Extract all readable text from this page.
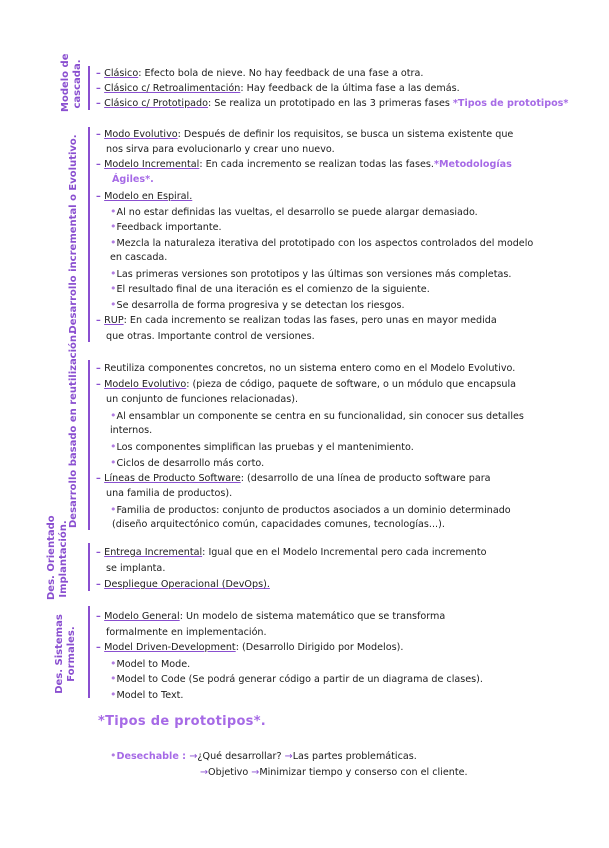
Modelo de cascada. – Clásico: Efecto bola de nieve. No hay feedback de una fase a otra.
– Clásico c/ Retroalimentación: Hay feedback de la última fase a las demás.
– Clásico c/ Prototipado: Se realiza un prototipado en las 3 primeras fases *Tipos de prototipos*
Desarrollo incremental o Evolutivo. – Modo Evolutivo: Después de definir los requisitos, se busca un sistema existente que
nos sirva para evolucionarlo y crear uno nuevo.
– Modelo Incremental: En cada incremento se realizan todas las fases.*Metodologías
Ágiles*.
– Modelo en Espiral.
•Al no estar definidas las vueltas, el desarrollo se puede alargar demasiado.
•Feedback importante.
•Mezcla la naturaleza iterativa del prototipado con los aspectos controlados del modelo
en cascada.
•Las primeras versiones son prototipos y las últimas son versiones más completas.
•El resultado final de una iteración es el comienzo de la siguiente.
•Se desarrolla de forma progresiva y se detectan los riesgos.
– RUP: En cada incremento se realizan todas las fases, pero unas en mayor medida
que otras. Importante control de versiones.
Desarrollo basado en reutilización. – Reutiliza componentes concretos, no un sistema entero como en el Modelo Evolutivo.
– Modelo Evolutivo: (pieza de código, paquete de software, o un módulo que encapsula
un conjunto de funciones relacionadas).
•Al ensamblar un componente se centra en su funcionalidad, sin conocer sus detalles
internos.
•Los componentes simplifican las pruebas y el mantenimiento.
•Ciclos de desarrollo más corto.
– Líneas de Producto Software: (desarrollo de una línea de producto software para
una familia de productos).
•Familia de productos: conjunto de productos asociados a un dominio determinado
(diseño arquitectónico común, capacidades comunes, tecnologías...).
Des. Orientado Implantación.	– Entrega Incremental: Igual que en el Modelo Incremental pero cada incremento
se implanta.
– Despliegue Operacional (DevOps).
Des. Sistemas Formales.
– Modelo General: Un modelo de sistema matemático que se transforma
formalmente en implementación.
– Model Driven-Development: (Desarrollo Dirigido por Modelos).
•Model to Mode.
•Model to Code (Se podrá generar código a partir de un diagrama de clases).
•Model to Text.
*Tipos de prototipos*.
•Desechable : →¿Qué desarrollar? →Las partes problemáticas.
→Objetivo →Minimizar tiempo y conserso con el cliente.
